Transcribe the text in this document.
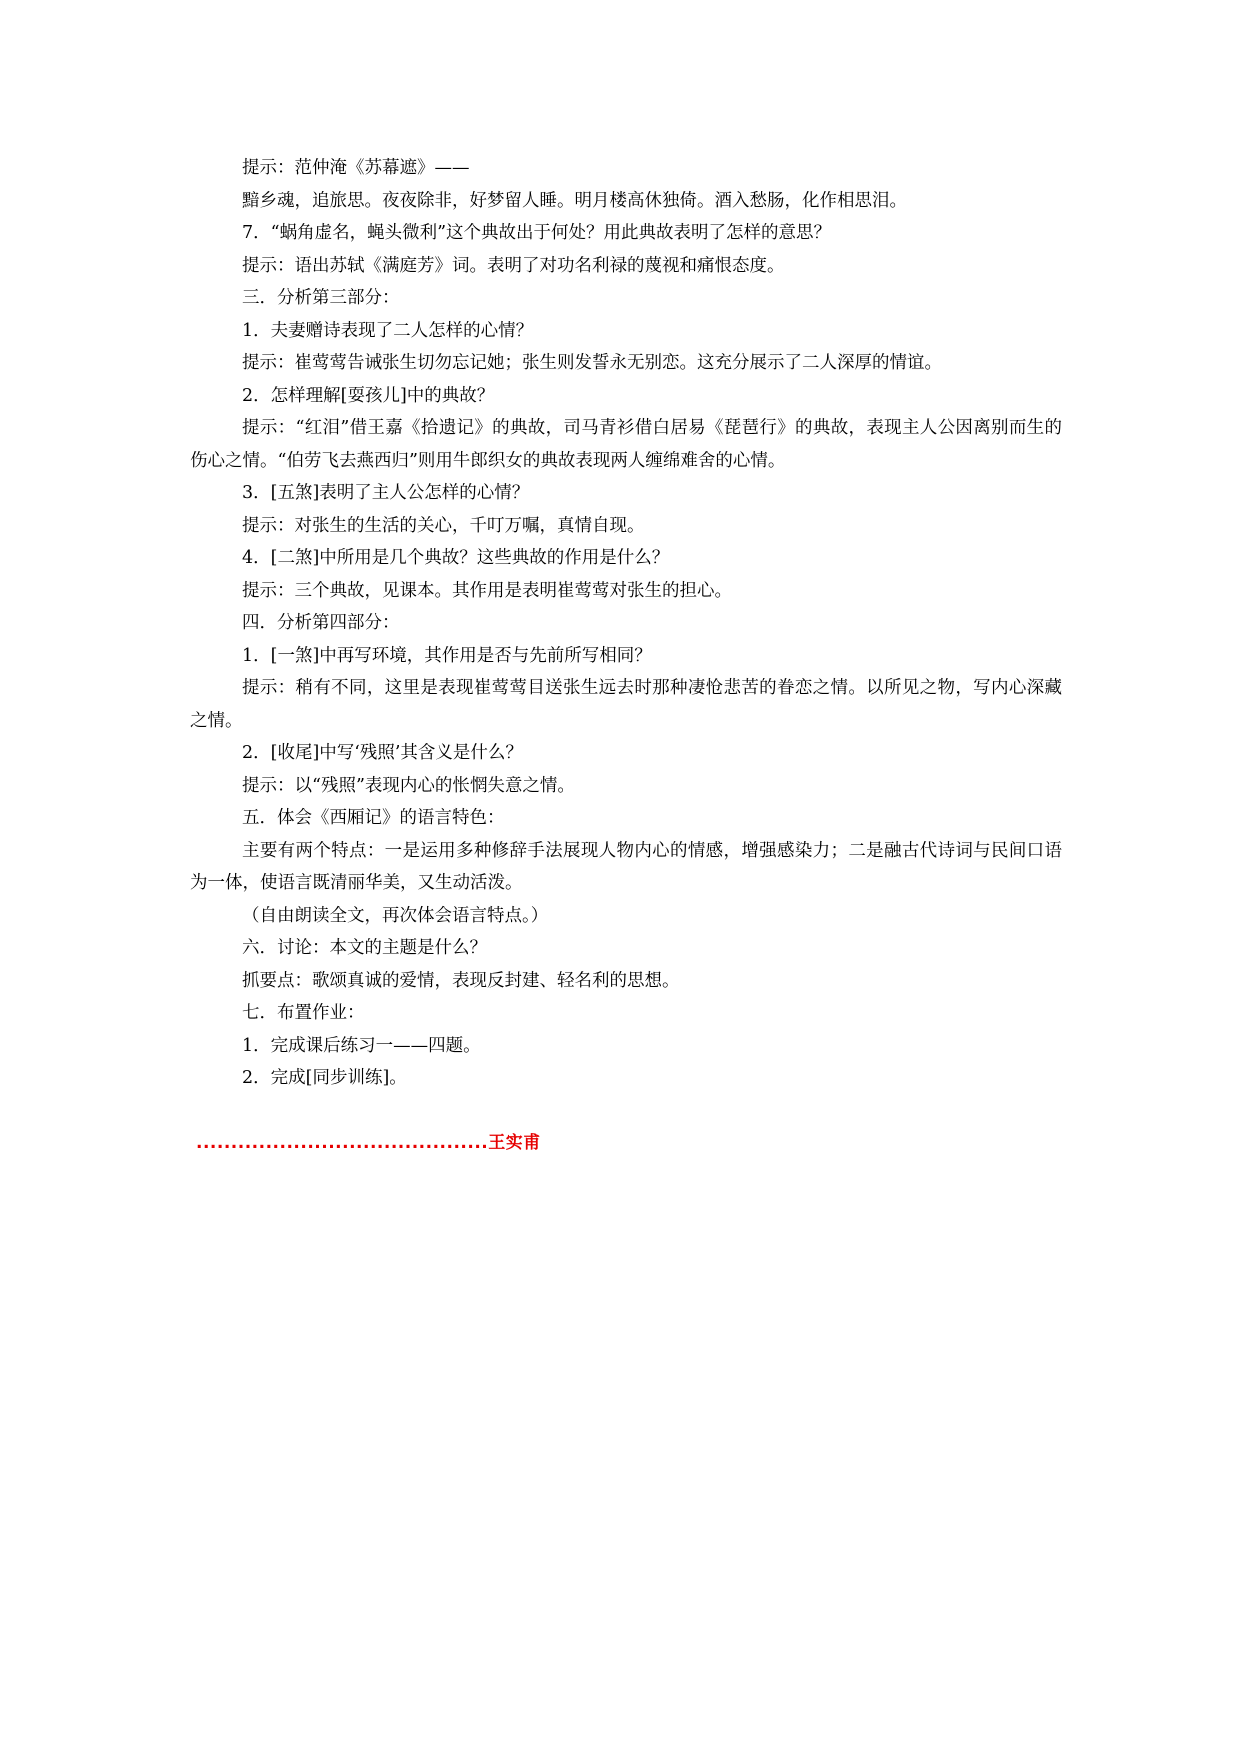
提示：范仲淹《苏幕遮》——
黯乡魂，追旅思。夜夜除非，好梦留人睡。明月楼高休独倚。酒入愁肠，化作相思泪。
7．“蜗角虚名，蝇头微利”这个典故出于何处？用此典故表明了怎样的意思？
提示：语出苏轼《满庭芳》词。表明了对功名利禄的蔑视和痛恨态度。
三．分析第三部分：
1．夫妻赠诗表现了二人怎样的心情？
提示：崔莺莺告诫张生切勿忘记她；张生则发誓永无别恋。这充分展示了二人深厚的情谊。
2．怎样理解[耍孩儿]中的典故？
提示：“红泪”借王嘉《拾遗记》的典故，司马青衫借白居易《琵琶行》的典故，表现主人公因离别而生的伤心之情。“伯劳飞去燕西归”则用牛郎织女的典故表现两人缠绵难舍的心情。
3．[五煞]表明了主人公怎样的心情？
提示：对张生的生活的关心，千叮万嘱，真情自现。
4．[二煞]中所用是几个典故？这些典故的作用是什么？
提示：三个典故，见课本。其作用是表明崔莺莺对张生的担心。
四．分析第四部分：
1．[一煞]中再写环境，其作用是否与先前所写相同？
提示：稍有不同，这里是表现崔莺莺目送张生远去时那种凄怆悲苦的眷恋之情。以所见之物，写内心深藏之情。
2．[收尾]中写‘残照’其含义是什么？
提示：以“残照”表现内心的怅惘失意之情。
五．体会《西厢记》的语言特色：
主要有两个特点：一是运用多种修辞手法展现人物内心的情感，增强感染力；二是融古代诗词与民间口语为一体，使语言既清丽华美，又生动活泼。
（自由朗读全文，再次体会语言特点。）
六．讨论：本文的主题是什么？
抓要点：歌颂真诚的爱情，表现反封建、轻名利的思想。
七．布置作业：
1．完成课后练习一——四题。
2．完成[同步训练]。
..........................................王实甫
